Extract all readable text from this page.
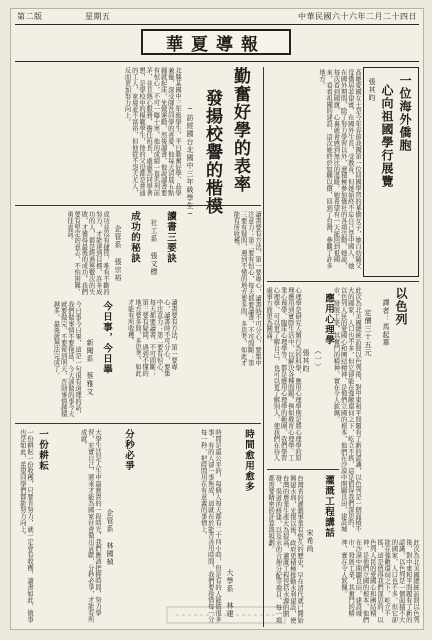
第二版	星期五	中華民國六十六年二月二十四日
華夏導報
一位海外僑胞
心向祖國學行展覽
張其昀
高雄愛國女士是今年春節我國第一位回國學習的華僑女子，她自幼隨父母僑居菲律賓，在國外生長，受教育，但她始終不忘自己是中國人，她在國外期間，除了努力學習以外，還積極參加僑社的各項活動，她說，每次看到國旗，心裏就會感到無比的溫暖，她希望有一天能回到祖國來，看看祖國的建設，這次她終於如願以償，回到了台灣，參觀了許多地方。
以色列
譯者：馬起華
定價三十五元
此次為北美國總統訪問以色列後，對中東和平問題有了新的認識，以色列是一個面積不大的國家，人口也不多，但它卻能在強敵環伺之下，屹立不搖，這是值得我們深思的，以色列人民的愛國心和團結精神，是他們立國的根本，他們在沙漠中開闢良田，建設城市，發展工業，其奮鬥的精神，實在令人欽佩。
應用心理學
（一）
張其昀
心理學是研究人類行為的科學，應用心理學則是將心理學的原理應用到實際生活中，以解決各種問題，例如教育心理學、工業心理學、臨床心理學等，都是應用心理學的範圍，我們學習心理學，可以更了解自己，也可以更了解別人，使我們在待人處事方面更為圓滿。
灌溉工程講話
宋希尚
台灣省的灌溉事業有悠久的歷史，早在清代就已開始興建水圳，光復以後，政府更積極推動水利建設，使台灣的農業生產大為提高，灌溉工程包括水源的開發，渠道的修建，以及水的合理分配等項目，每一項都需要精密的計算與規劃。
此次為北美國總統訪問以色列後，對中東和平問題有了新的認識，以色列是一個面積不大的國家，人口也不多，但它卻能在強敵環伺之下，屹立不搖，這是值得我們深思的，以色列人民的愛國心和團結精神，是他們立國的根本，他們在沙漠中開闢良田，建設城市，發展工業，其奮鬥的精神，實在令人欽佩。
勤奮好學的表率
發揚校譽的楷模
─訪經國台北國中三年級學生─
北縣某國中三年級學生，平日勤奮好學，品學兼優，深受師長同學的喜愛，他每天清晨五點鐘就起床，先做運動，然後讀書，他說讀書要有恒心，不可一曝十寒，他的成績一直名列前茅，並且熱心服務，擔任班長，處處為同學著想，是學校中的模範學生，他的父母都是普通的工人，家境並不富裕，但他從不怨天尤人，反而更加努力向上。
讀書三要訣
社工系 張文標	讀書要有方法，第一要專心，讀書時不可分心，要集中注意力；第二要有恒心，每天都要讀書，不可間斷；第三要有疑問，遇到不懂的地方要多問，多思考，如此才能有所收穫。
讀書要有方法，第一要專心，讀書時不可分心，要集中注意力；第二要有恒心，每天都要讀書，不可間斷；第三要有疑問，遇到不懂的地方要多問，多思考，如此才能有所收穫。
成功的秘訣
企管系 張宗裕
成功並沒有捷徑，唯有不斷的努力，才能達到目標，許多成功的人，都是經過無數次的失敗，才獲得最後的成功，我們要有堅定的意志，不怕困難，勇往直前。
今日事，今日畢
新聞系 蔡雅文
今日事今日畢，這是一句很有道理的話，我們做事情不要拖延，今天該做的事今天就要做完，不要留到明天，否則事情越積越多，最後就無法完成了。
時間愈用愈多
大學系 林建
時間是最公平的，每個人每天都有二十四小時，但是有的人能做很多事，有的人卻一事無成，這就在於能否善用時間，我們要珍惜每一分每一秒，把時間用在有意義的事情上。
分秒必爭
企管系 林國楨
大學生活是人生中最寶貴的一段時光，我們應該把握時間，努力學習，充實自己，將來才能為國家社會做出貢獻，分秒必爭，才能有所成就。
一份耕耘
一份耕耘一份收穫，只要肯努力，就一定會有收穫，讀書如此，做事也是如此，希望同學們都能努力向上。
